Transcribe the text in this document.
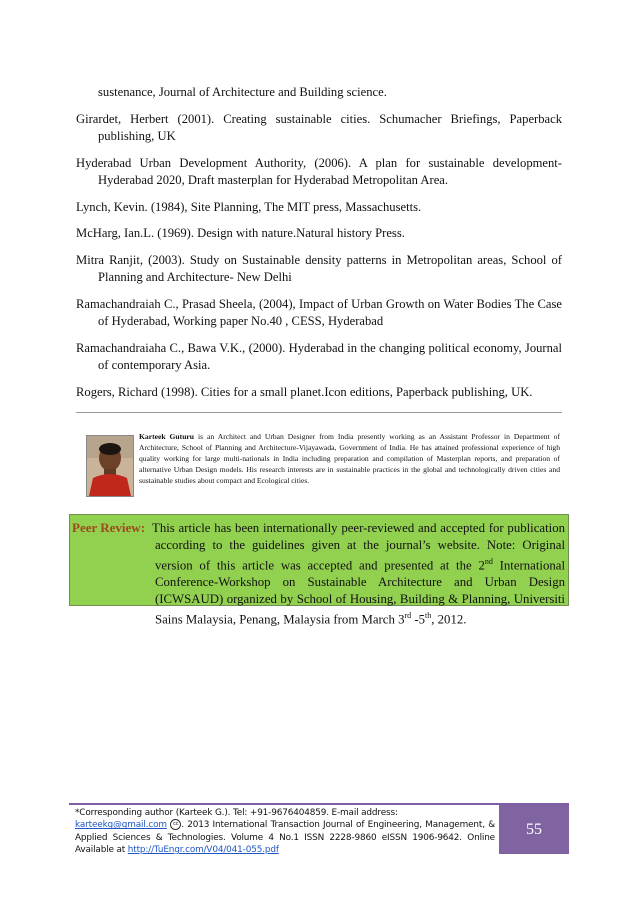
sustenance, Journal of Architecture and Building science.

Girardet, Herbert (2001). Creating sustainable cities. Schumacher Briefings, Paperback publishing, UK

Hyderabad Urban Development Authority, (2006). A plan for sustainable development- Hyderabad 2020, Draft masterplan for Hyderabad Metropolitan Area.

Lynch, Kevin. (1984), Site Planning, The MIT press, Massachusetts.

McHarg, Ian.L. (1969). Design with nature.Natural history Press.

Mitra Ranjit, (2003). Study on Sustainable density patterns in Metropolitan areas, School of Planning and Architecture- New Delhi

Ramachandraiah C., Prasad Sheela, (2004), Impact of Urban Growth on Water Bodies The Case of Hyderabad, Working paper No.40 , CESS, Hyderabad

Ramachandraiaha C., Bawa V.K., (2000). Hyderabad in the changing political economy, Journal of contemporary Asia.

Rogers, Richard (1998). Cities for a small planet.Icon editions, Paperback publishing, UK.

Karteek Guturu is an Architect and Urban Designer from India presently working as an Assistant Professor in Department of Architecture, School of Planning and Architecture-Vijayawada, Government of India. He has attained professional experience of high quality working for large multi-nationals in India including preparation and compilation of Masterplan reports, and preparation of alternative Urban Design models. His research interests are in sustainable practices in the global and technologically driven cities and sustainable studies about compact and Ecological cities.
Peer Review: This article has been internationally peer-reviewed and accepted for publication according to the guidelines given at the journal’s website. Note: Original version of this article was accepted and presented at the 2nd International Conference-Workshop on Sustainable Architecture and Urban Design (ICWSAUD) organized by School of Housing, Building & Planning, Universiti Sains Malaysia, Penang, Malaysia from March 3rd -5th, 2012.
*Corresponding author (Karteek G.). Tel: +91-9676404859. E-mail address:
karteekg@gmail.com cc . 2013 International Transaction Journal of Engineering, Management, & Applied Sciences & Technologies. Volume 4 No.1 ISSN 2228-9860 eISSN 1906-9642. Online Available at http://TuEngr.com/V04/041-055.pdf
55
